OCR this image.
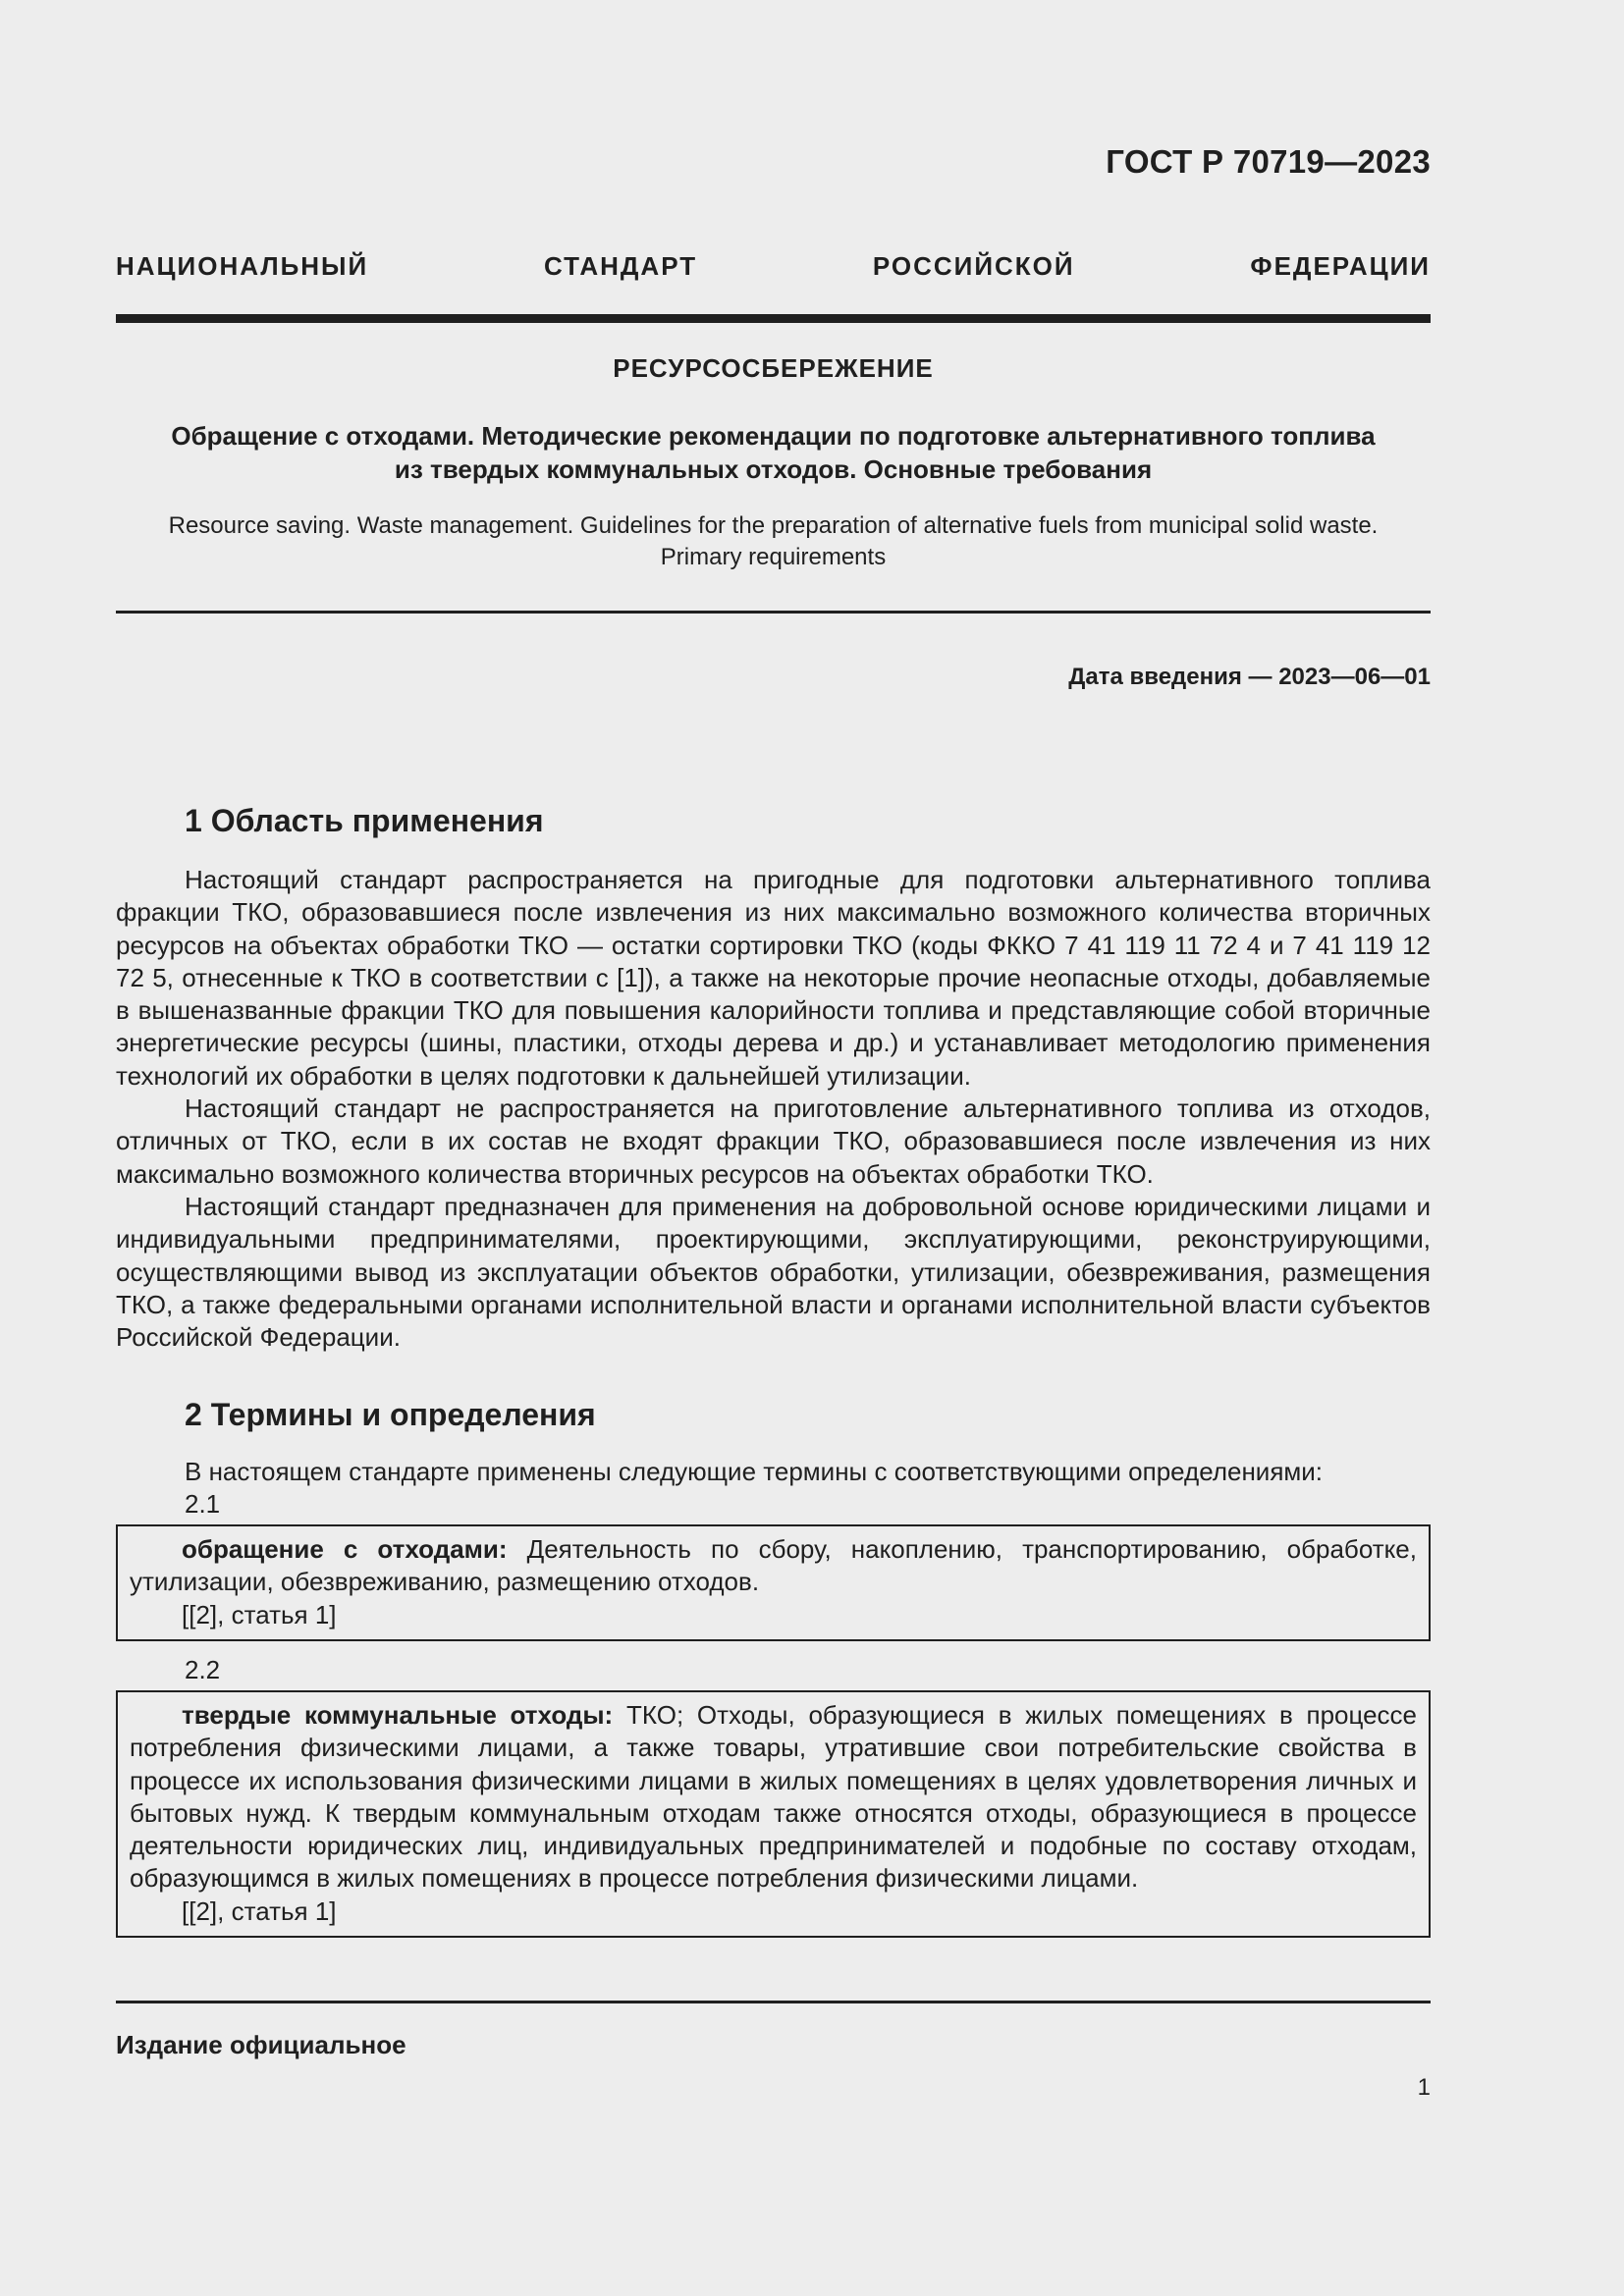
ГОСТ Р 70719—2023
НАЦИОНАЛЬНЫЙ СТАНДАРТ РОССИЙСКОЙ ФЕДЕРАЦИИ
РЕСУРСОСБЕРЕЖЕНИЕ
Обращение с отходами. Методические рекомендации по подготовке альтернативного топлива
из твердых коммунальных отходов. Основные требования
Resource saving. Waste management. Guidelines for the preparation of alternative fuels from municipal solid waste.
Primary requirements
Дата введения — 2023—06—01
1 Область применения

Настоящий стандарт распространяется на пригодные для подготовки альтернативного топлива фракции ТКО, образовавшиеся после извлечения из них максимально возможного количества вторичных ресурсов на объектах обработки ТКО — остатки сортировки ТКО (коды ФККО 7 41 119 11 72 4 и 7 41 119 12 72 5, отнесенные к ТКО в соответствии с [1]), а также на некоторые прочие неопасные отходы, добавляемые в вышеназванные фракции ТКО для повышения калорийности топлива и представляющие собой вторичные энергетические ресурсы (шины, пластики, отходы дерева и др.) и устанавливает методологию применения технологий их обработки в целях подготовки к дальнейшей утилизации.

Настоящий стандарт не распространяется на приготовление альтернативного топлива из отходов, отличных от ТКО, если в их состав не входят фракции ТКО, образовавшиеся после извлечения из них максимально возможного количества вторичных ресурсов на объектах обработки ТКО.

Настоящий стандарт предназначен для применения на добровольной основе юридическими лицами и индивидуальными предпринимателями, проектирующими, эксплуатирующими, реконструирующими, осуществляющими вывод из эксплуатации объектов обработки, утилизации, обезвреживания, размещения ТКО, а также федеральными органами исполнительной власти и органами исполнительной власти субъектов Российской Федерации.

2 Термины и определения
В настоящем стандарте применены следующие термины с соответствующими определениями:
2.1

обращение с отходами: Деятельность по сбору, накоплению, транспортированию, обработке, утилизации, обезвреживанию, размещению отходов.

[[2], статья 1]

2.2

твердые коммунальные отходы: ТКО; Отходы, образующиеся в жилых помещениях в процессе потребления физическими лицами, а также товары, утратившие свои потребительские свойства в процессе их использования физическими лицами в жилых помещениях в целях удовлетворения личных и бытовых нужд. К твердым коммунальным отходам также относятся отходы, образующиеся в процессе деятельности юридических лиц, индивидуальных предпринимателей и подобные по составу отходам, образующимся в жилых помещениях в процессе потребления физическими лицами.

[[2], статья 1]

Издание официальное
1
